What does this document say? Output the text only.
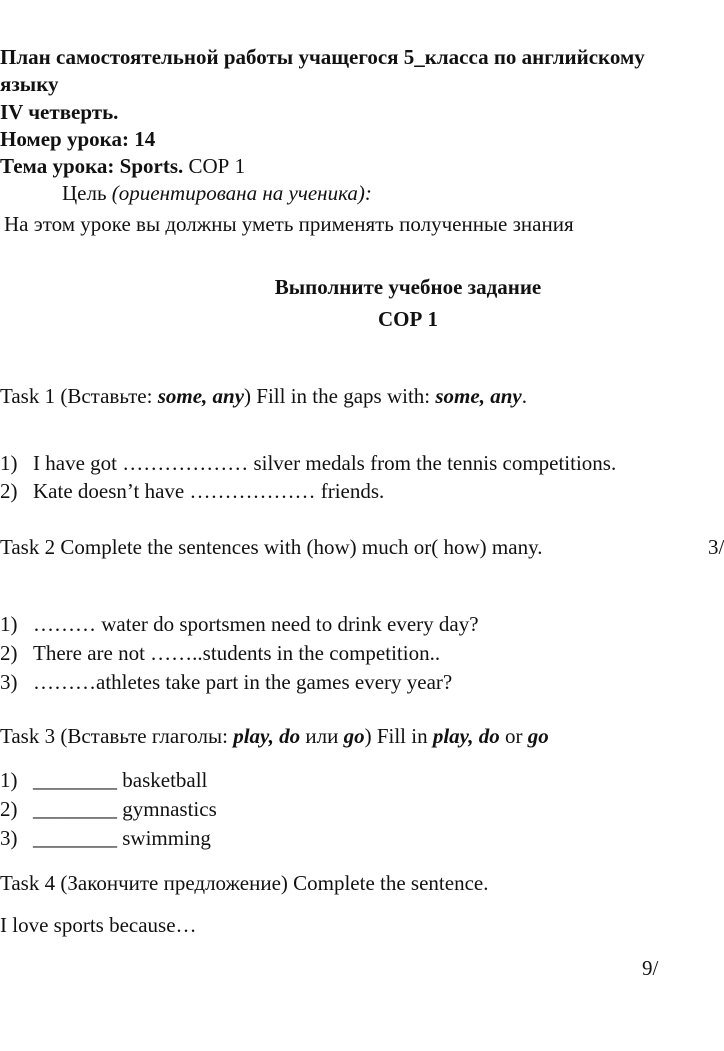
План самостоятельной работы учащегося 5_класса по английскому
языку
IV четверть.
Номер урока: 14
Тема урока: Sports. СОР 1
Цель (ориентирована на ученика):
На этом уроке вы должны уметь применять полученные знания
Выполните учебное задание
СОР 1
Task 1 (Вставьте: some, any) Fill in the gaps with: some, any.
1) I have got ……………… silver medals from the tennis competitions.
2) Kate doesn’t have ……………… friends.
Task 2 Complete the sentences with (how) much or( how) many.	3/
1) ……… water do sportsmen need to drink every day?
2) There are not ……..students in the competition..
3) ………athletes take part in the games every year?
Task 3 (Вставьте глаголы: play, do или go) Fill in play, do or go
1) ________ basketball
2) ________ gymnastics
3) ________ swimming
Task 4 (Закончите предложение) Complete the sentence.
I love sports because…
9/
